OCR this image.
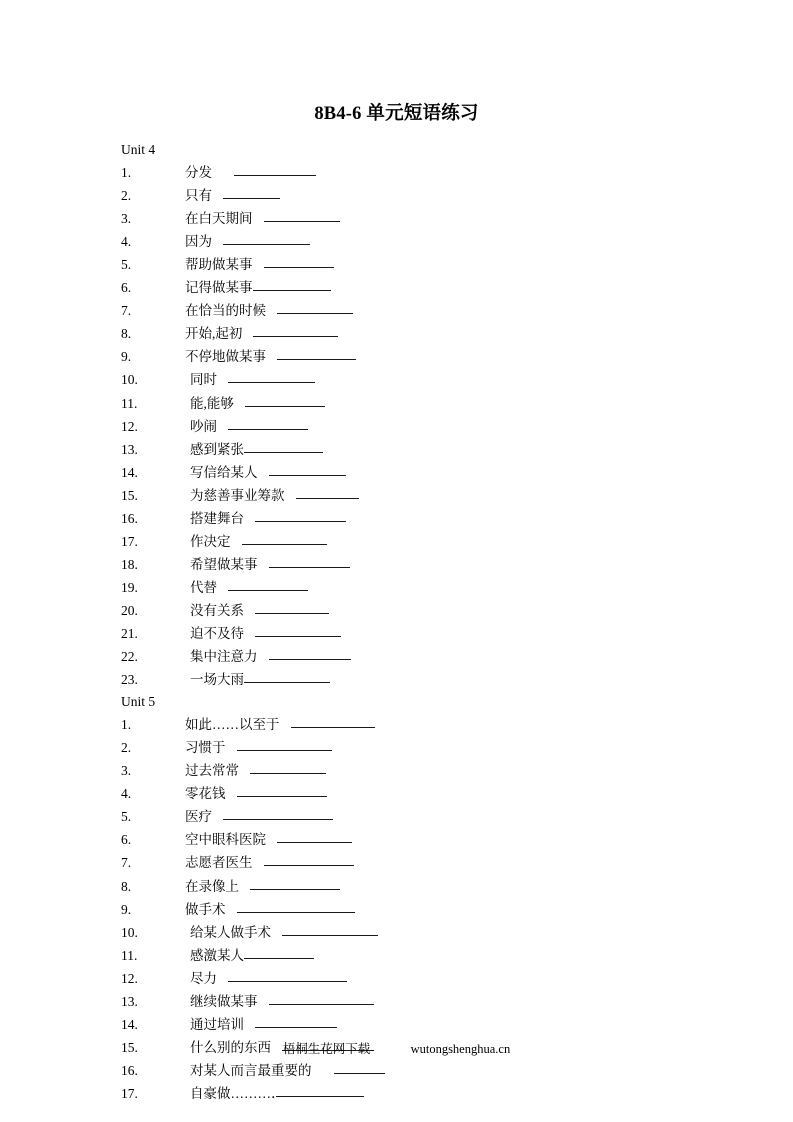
8B4-6 单元短语练习
Unit 4
1.	分发
2.	只有
3.	在白天期间
4.	因为
5.	帮助做某事
6.	记得做某事
7.	在恰当的时候
8.	开始,起初
9.	不停地做某事
10.	同时
11.	能,能够
12.	吵闹
13.	感到紧张
14.	写信给某人
15.	为慈善事业筹款
16.	搭建舞台
17.	作决定
18.	希望做某事
19.	代替
20.	没有关系
21.	迫不及待
22.	集中注意力
23.	一场大雨
Unit 5
1.	如此……以至于
2.	习惯于
3.	过去常常
4.	零花钱
5.	医疗
6.	空中眼科医院
7.	志愿者医生
8.	在录像上
9.	做手术
10.	给某人做手术
11.	感激某人
12.	尽力
13.	继续做某事
14.	通过培训
15.	什么别的东西
16.	对某人而言最重要的
17.	自豪做………․
梧桐生花网下载	wutongshenghua.cn
